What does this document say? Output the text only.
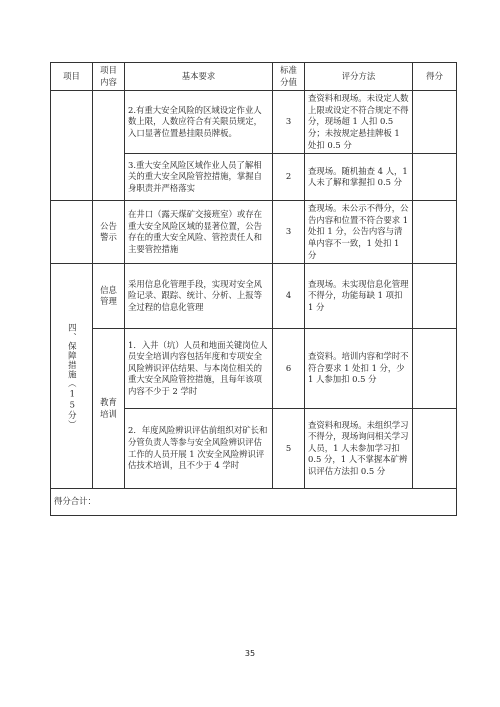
项目	项目内容	基本要求	标准分值	评分方法	得分
		2.有重大安全风险的区域设定作业人数上限，人数应符合有关限员规定，入口显著位置悬挂限员牌板。	3	查资料和现场。未设定人数上限或设定不符合规定不得分，现场超 1 人扣 0.5 分；未按规定悬挂牌板 1 处扣 0.5 分	
		3.重大安全风险区域作业人员了解相关的重大安全风险管控措施，掌握自身职责并严格落实	2	查现场。随机抽查 4 人，1 人未了解和掌握扣 0.5 分	
	公告警示	在井口（露天煤矿交接班室）或存在重大安全风险区域的显著位置，公告存在的重大安全风险、管控责任人和主要管控措施	3	查现场。未公示不得分，公告内容和位置不符合要求 1 处扣 1 分，公告内容与清单内容不一致，1 处扣 1 分	

四、保障措施（15分）	信息管理	采用信息化管理手段，实现对安全风险记录、跟踪、统计、分析、上报等全过程的信息化管理	4	查现场。未实现信息化管理不得分，功能每缺 1 项扣 1 分	
	教育培训	1．入井（坑）人员和地面关键岗位人员安全培训内容包括年度和专项安全风险辨识评估结果、与本岗位相关的重大安全风险管控措施，且每年该项内容不少于 2 学时	6	查资料。培训内容和学时不符合要求 1 处扣 1 分，少 1 人参加扣 0.5 分	
		2．年度风险辨识评估前组织对矿长和分管负责人等参与安全风险辨识评估工作的人员开展 1 次安全风险辨识评估技术培训，且不少于 4 学时	5	查资料和现场。未组织学习不得分，现场询问相关学习人员，1 人未参加学习扣 0.5 分，1 人不掌握本矿辨识评估方法扣 0.5 分	
得分合计：					
35
